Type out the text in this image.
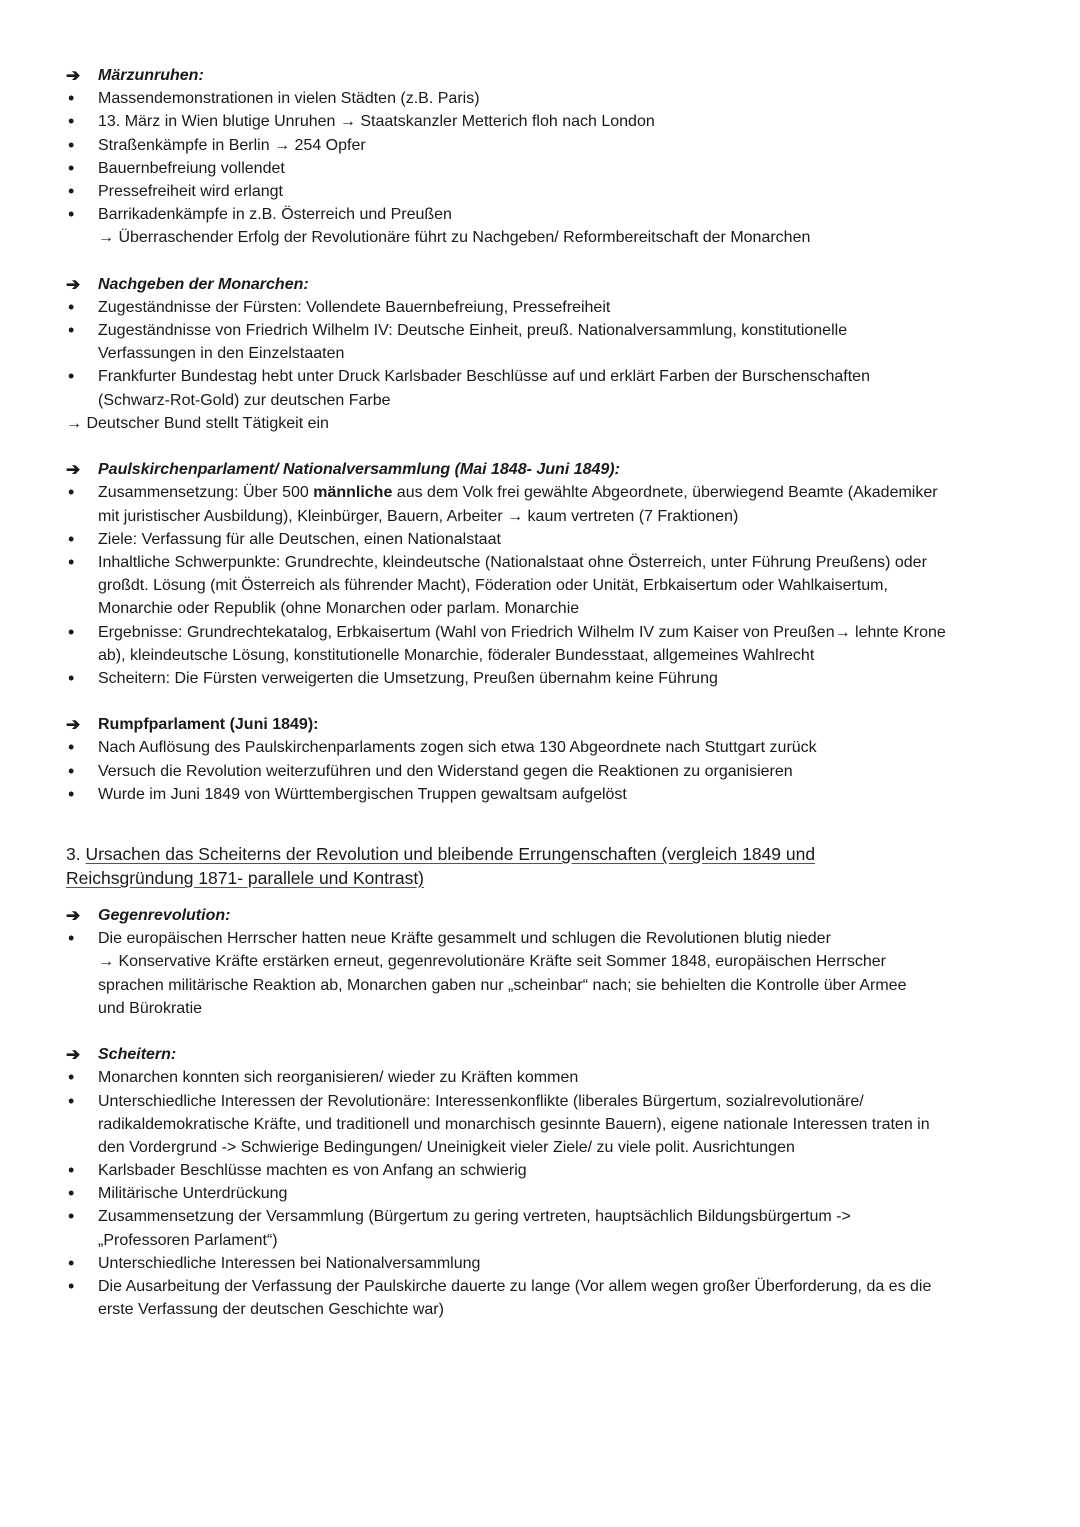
➔
Märzunruhen:
•
Massendemonstrationen in vielen Städten (z.B. Paris)
•
13. März in Wien blutige Unruhen → Staatskanzler Metterich floh nach London
•
Straßenkämpfe in Berlin → 254 Opfer
•
Bauernbefreiung vollendet
•
Pressefreiheit wird erlangt
•
Barrikadenkämpfe in z.B. Österreich und Preußen
→ Überraschender Erfolg der Revolutionäre führt zu Nachgeben/ Reformbereitschaft der Monarchen
➔
Nachgeben der Monarchen:
•
Zugeständnisse der Fürsten: Vollendete Bauernbefreiung, Pressefreiheit
•
Zugeständnisse von Friedrich Wilhelm IV: Deutsche Einheit, preuß. Nationalversammlung, konstitutionelle
Verfassungen in den Einzelstaaten
•
Frankfurter Bundestag hebt unter Druck Karlsbader Beschlüsse auf und erklärt Farben der Burschenschaften
(Schwarz-Rot-Gold) zur deutschen Farbe
→ Deutscher Bund stellt Tätigkeit ein
➔
Paulskirchenparlament/ Nationalversammlung (Mai 1848- Juni 1849):
•
Zusammensetzung: Über 500 männliche aus dem Volk frei gewählte Abgeordnete, überwiegend Beamte (Akademiker
mit juristischer Ausbildung), Kleinbürger, Bauern, Arbeiter → kaum vertreten (7 Fraktionen)
•
Ziele: Verfassung für alle Deutschen, einen Nationalstaat
•
Inhaltliche Schwerpunkte: Grundrechte, kleindeutsche (Nationalstaat ohne Österreich, unter Führung Preußens) oder
großdt. Lösung (mit Österreich als führender Macht), Föderation oder Unität, Erbkaisertum oder Wahlkaisertum,
Monarchie oder Republik (ohne Monarchen oder parlam. Monarchie
•
Ergebnisse: Grundrechtekatalog, Erbkaisertum (Wahl von Friedrich Wilhelm IV zum Kaiser von Preußen→ lehnte Krone
ab), kleindeutsche Lösung, konstitutionelle Monarchie, föderaler Bundesstaat, allgemeines Wahlrecht
•
Scheitern: Die Fürsten verweigerten die Umsetzung, Preußen übernahm keine Führung
➔
Rumpfparlament (Juni 1849):
•
Nach Auflösung des Paulskirchenparlaments zogen sich etwa 130 Abgeordnete nach Stuttgart zurück
•
Versuch die Revolution weiterzuführen und den Widerstand gegen die Reaktionen zu organisieren
•
Wurde im Juni 1849 von Württembergischen Truppen gewaltsam aufgelöst
3. Ursachen das Scheiterns der Revolution und bleibende Errungenschaften (vergleich 1849 und
Reichsgründung 1871- parallele und Kontrast)
➔
Gegenrevolution:
•
Die europäischen Herrscher hatten neue Kräfte gesammelt und schlugen die Revolutionen blutig nieder
→ Konservative Kräfte erstärken erneut, gegenrevolutionäre Kräfte seit Sommer 1848, europäischen Herrscher
sprachen militärische Reaktion ab, Monarchen gaben nur „scheinbar“ nach; sie behielten die Kontrolle über Armee
und Bürokratie
➔
Scheitern:
•
Monarchen konnten sich reorganisieren/ wieder zu Kräften kommen
•
Unterschiedliche Interessen der Revolutionäre: Interessenkonflikte (liberales Bürgertum, sozialrevolutionäre/
radikaldemokratische Kräfte, und traditionell und monarchisch gesinnte Bauern), eigene nationale Interessen traten in
den Vordergrund -> Schwierige Bedingungen/ Uneinigkeit vieler Ziele/ zu viele polit. Ausrichtungen
•
Karlsbader Beschlüsse machten es von Anfang an schwierig
•
Militärische Unterdrückung
•
Zusammensetzung der Versammlung (Bürgertum zu gering vertreten, hauptsächlich Bildungsbürgertum ->
„Professoren Parlament“)
•
Unterschiedliche Interessen bei Nationalversammlung
•
Die Ausarbeitung der Verfassung der Paulskirche dauerte zu lange (Vor allem wegen großer Überforderung, da es die
erste Verfassung der deutschen Geschichte war)
